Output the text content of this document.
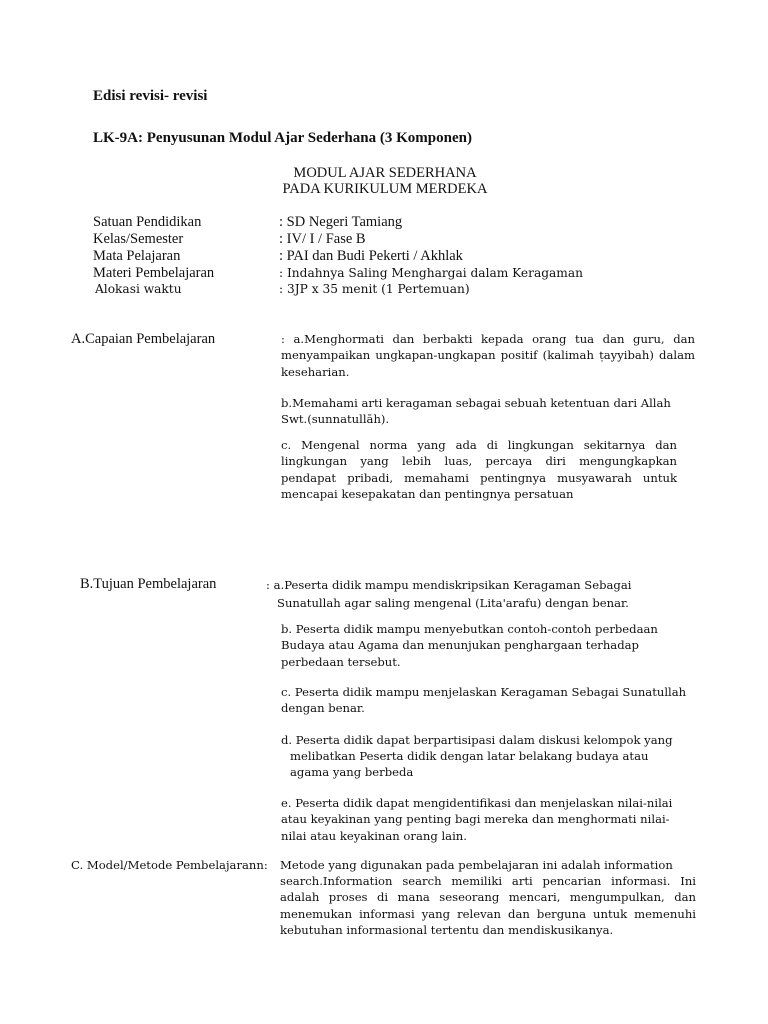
Edisi revisi- revisi
LK-9A: Penyusunan Modul Ajar Sederhana (3 Komponen)
MODUL AJAR SEDERHANA
PADA KURIKULUM MERDEKA
Satuan Pendidikan	: SD Negeri Tamiang
Kelas/Semester	: IV/ I / Fase B
Mata Pelajaran	: PAI dan Budi Pekerti / Akhlak
Materi Pembelajaran	: Indahnya Saling Menghargai dalam Keragaman
Alokasi waktu	: 3JP x 35 menit (1 Pertemuan)
A.Capaian Pembelajaran	: a.Menghormati dan berbakti kepada orang tua dan guru, dan menyampaikan ungkapan-ungkapan positif (kalimah ṭayyibah) dalam keseharian.
b.Memahami arti keragaman sebagai sebuah ketentuan dari Allah Swt.(sunnatullāh).
c. Mengenal norma yang ada di lingkungan sekitarnya dan lingkungan yang lebih luas, percaya diri mengungkapkan pendapat pribadi, memahami pentingnya musyawarah untuk mencapai kesepakatan dan pentingnya persatuan
B.Tujuan Pembelajaran	: a.Peserta didik mampu mendiskripsikan Keragaman Sebagai
Sunatullah agar saling mengenal (Lita'arafu) dengan benar.
b. Peserta didik mampu menyebutkan contoh-contoh perbedaan Budaya atau Agama dan menunjukan penghargaan terhadap perbedaan tersebut.
c. Peserta didik mampu menjelaskan Keragaman Sebagai Sunatullah dengan benar.
d. Peserta didik dapat berpartisipasi dalam diskusi kelompok yang
melibatkan Peserta didik dengan latar belakang budaya atau
agama yang berbeda
e. Peserta didik dapat mengidentifikasi dan menjelaskan nilai-nilai atau keyakinan yang penting bagi mereka dan menghormati nilai-nilai atau keyakinan orang lain.
C. Model/Metode Pembelajarann: Metode yang digunakan pada pembelajaran ini adalah information
search.Information search memiliki arti pencarian informasi. Ini adalah proses di mana seseorang mencari, mengumpulkan, dan menemukan informasi yang relevan dan berguna untuk memenuhi kebutuhan informasional tertentu dan mendiskusikanya.
